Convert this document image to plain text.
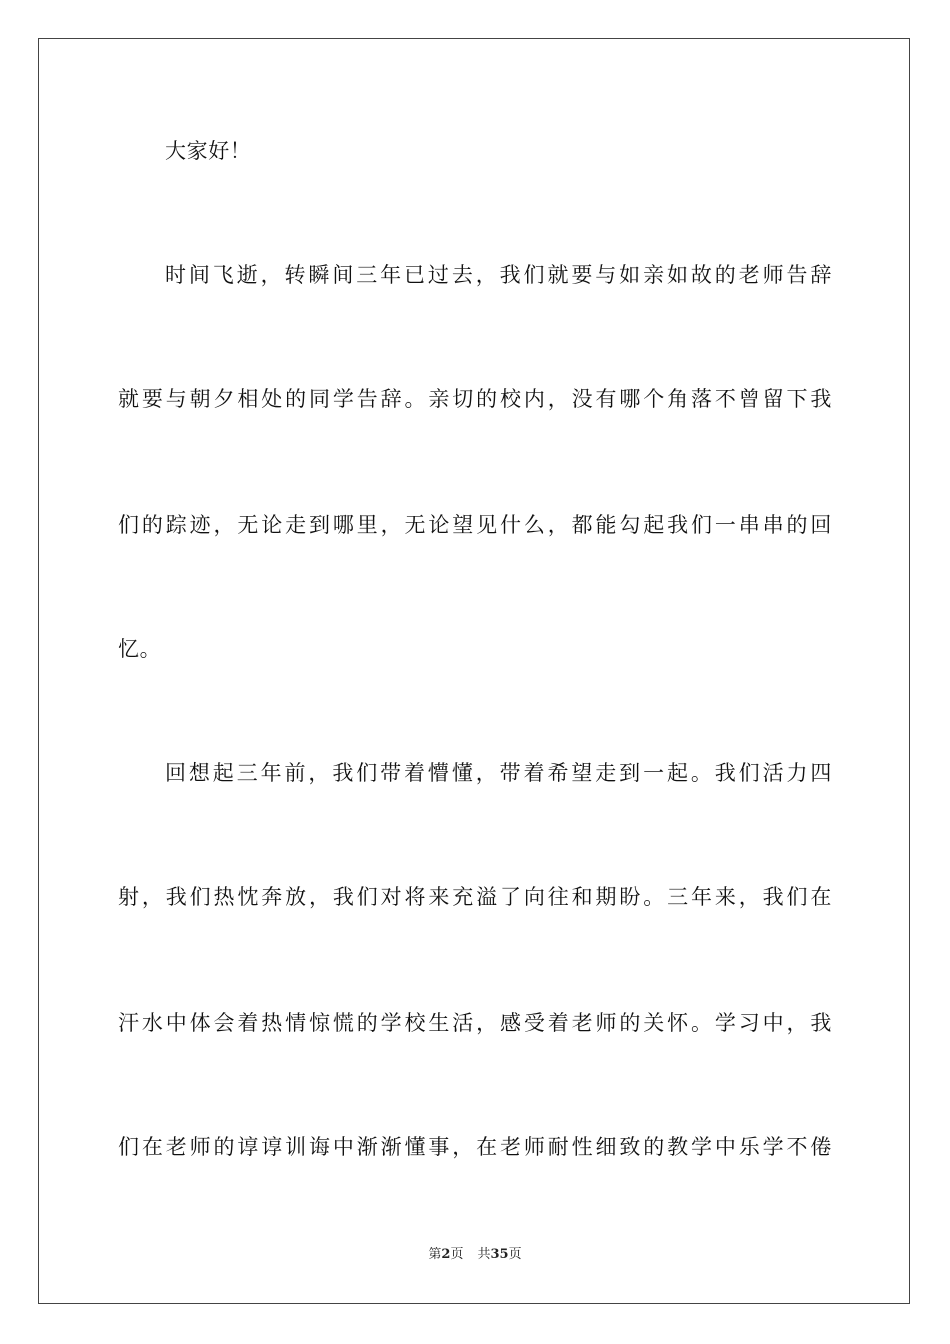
大家好！
时间飞逝，转瞬间三年已过去，我们就要与如亲如故的老师告辞
就要与朝夕相处的同学告辞。亲切的校内，没有哪个角落不曾留下我
们的踪迹，无论走到哪里，无论望见什么，都能勾起我们一串串的回
忆。
回想起三年前，我们带着懵懂，带着希望走到一起。我们活力四
射，我们热忱奔放，我们对将来充溢了向往和期盼。三年来，我们在
汗水中体会着热情惊慌的学校生活，感受着老师的关怀。学习中，我
们在老师的谆谆训诲中渐渐懂事，在老师耐性细致的教学中乐学不倦
第2页 共35页
